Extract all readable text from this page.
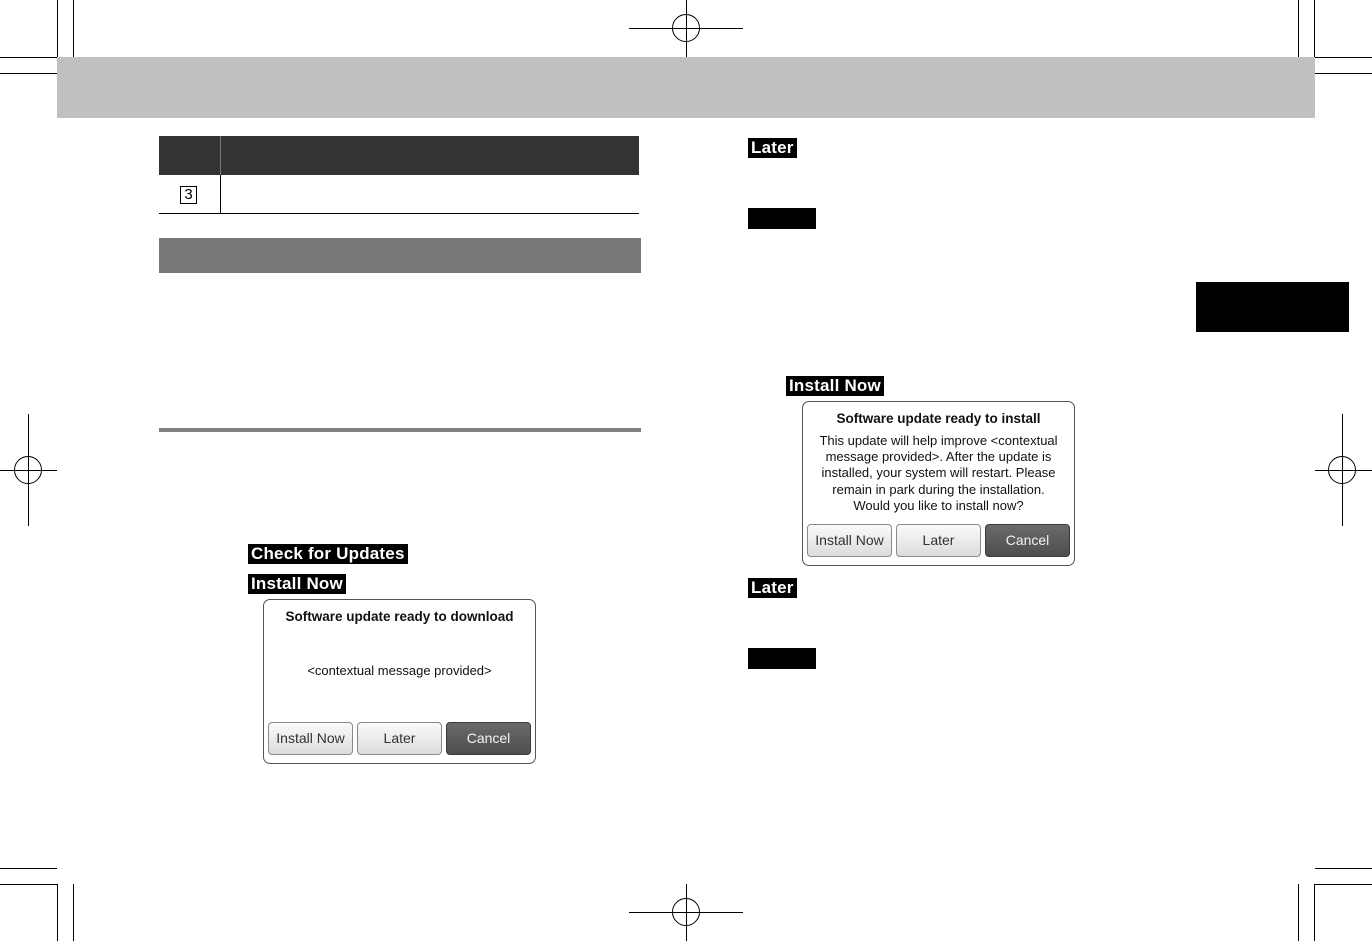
3
Check for Updates
Install Now
Software update ready to download
<contextual message provided>
Install Now	Later	Cancel
Later
Install Now
Software update ready to install
This update will help improve <contextual
message provided>. After the update is
installed, your system will restart. Please
remain in park during the installation.
Would you like to install now?
Install Now	Later	Cancel
Later
